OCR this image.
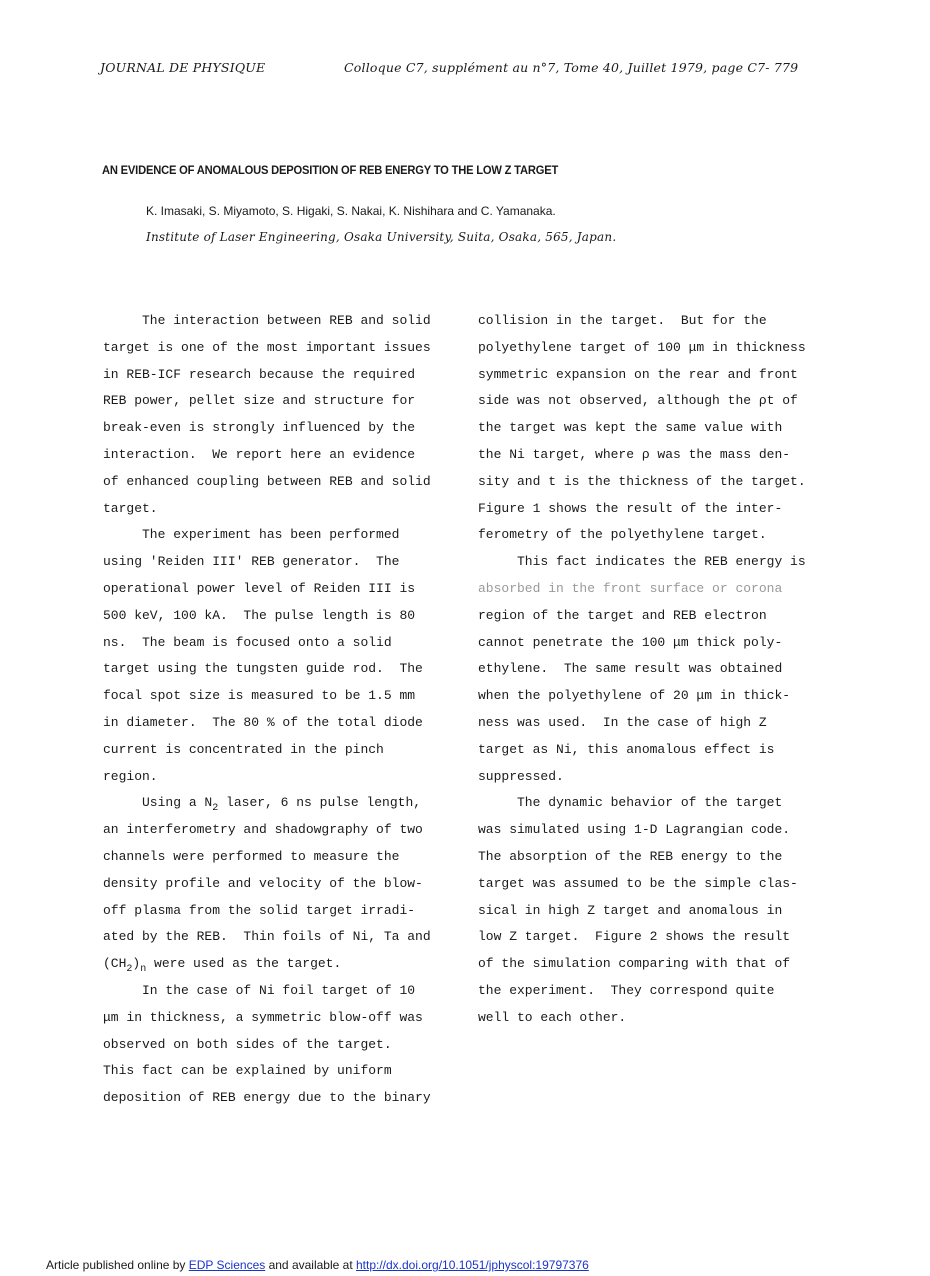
JOURNAL DE PHYSIQUE	Colloque C7, supplément au n°7, Tome 40, Juillet 1979, page C7- 779
AN EVIDENCE OF ANOMALOUS DEPOSITION OF REB ENERGY TO THE LOW Z TARGET
K. Imasaki, S. Miyamoto, S. Higaki, S. Nakai, K. Nishihara and C. Yamanaka.
Institute of Laser Engineering, Osaka University, Suita, Osaka, 565, Japan.
The interaction between REB and solid
target is one of the most important issues
in REB-ICF research because the required
REB power, pellet size and structure for
break-even is strongly influenced by the
interaction.  We report here an evidence
of enhanced coupling between REB and solid
target.
The experiment has been performed
using 'Reiden III' REB generator.  The
operational power level of Reiden III is
500 keV, 100 kA.  The pulse length is 80
ns.  The beam is focused onto a solid
target using the tungsten guide rod.  The
focal spot size is measured to be 1.5 mm
in diameter.  The 80 % of the total diode
current is concentrated in the pinch
region.
Using a $N_2$ laser, 6 ns pulse length,
an interferometry and shadowgraphy of two
channels were performed to measure the
density profile and velocity of the blow-
off plasma from the solid target irradi-
ated by the REB.  Thin foils of Ni, Ta and
$(CH_2)_n$ were used as the target.
In the case of Ni foil target of 10
μm in thickness, a symmetric blow-off was
observed on both sides of the target.
This fact can be explained by uniform
deposition of REB energy due to the binary
collision in the target.  But for the
polyethylene target of 100 μm in thickness
symmetric expansion on the rear and front
side was not observed, although the ρt of
the target was kept the same value with
the Ni target, where ρ was the mass den-
sity and t is the thickness of the target.
Figure 1 shows the result of the inter-
ferometry of the polyethylene target.
This fact indicates the REB energy is
absorbed in the front surface or corona
region of the target and REB electron
cannot penetrate the 100 μm thick poly-
ethylene.  The same result was obtained
when the polyethylene of 20 μm in thick-
ness was used.  In the case of high Z
target as Ni, this anomalous effect is
suppressed.
The dynamic behavior of the target
was simulated using 1-D Lagrangian code.
The absorption of the REB energy to the
target was assumed to be the simple clas-
sical in high Z target and anomalous in
low Z target.  Figure 2 shows the result
of the simulation comparing with that of
the experiment.  They correspond quite
well to each other.
Article published online by EDP Sciences and available at http://dx.doi.org/10.1051/jphyscol:19797376
